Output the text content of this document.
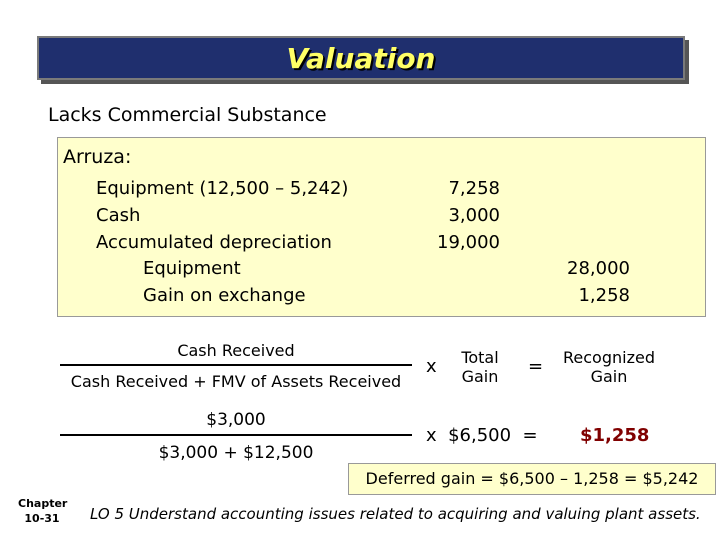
Valuation
Lacks Commercial Substance
Arruza:
Equipment (12,500 – 5,242)	7,258
Cash	3,000
Accumulated depreciation	19,000
Equipment	28,000
Gain on exchange	1,258
Cash Received
Cash Received + FMV of Assets Received
x	Total Gain	=	Recognized Gain
$3,000
$3,000 + $12,500
x  $6,500  = $1,258
Deferred gain = $6,500 – 1,258 = $5,242
Chapter
10-31	LO 5 Understand accounting issues related to acquiring and valuing plant assets.
